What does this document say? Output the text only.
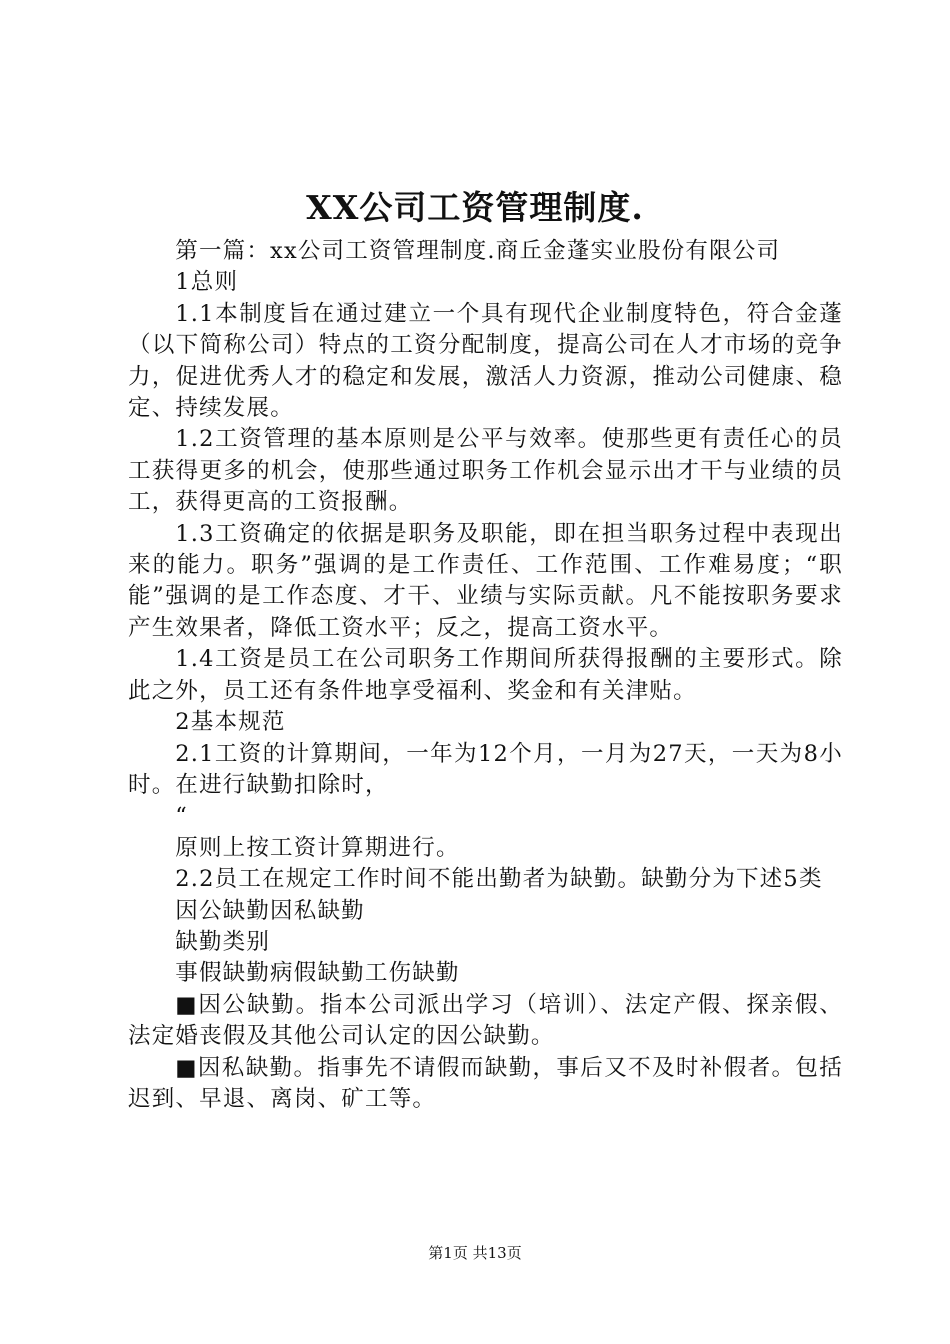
XX公司工资管理制度.

第一篇：xx公司工资管理制度.商丘金蓬实业股份有限公司

1总则

1.1本制度旨在通过建立一个具有现代企业制度特色，符合金蓬（以下简称公司）特点的工资分配制度，提高公司在人才市场的竞争力，促进优秀人才的稳定和发展，激活人力资源，推动公司健康、稳定、持续发展。

1.2工资管理的基本原则是公平与效率。使那些更有责任心的员工获得更多的机会，使那些通过职务工作机会显示出才干与业绩的员工，获得更高的工资报酬。

1.3工资确定的依据是职务及职能，即在担当职务过程中表现出来的能力。职务”强调的是工作责任、工作范围、工作难易度；“职能”强调的是工作态度、才干、业绩与实际贡献。凡不能按职务要求产生效果者，降低工资水平；反之，提高工资水平。

1.4工资是员工在公司职务工作期间所获得报酬的主要形式。除此之外，员工还有条件地享受福利、奖金和有关津贴。

2基本规范

2.1工资的计算期间，一年为12个月，一月为27天，一天为8小时。在进行缺勤扣除时，

“

原则上按工资计算期进行。

2.2员工在规定工作时间不能出勤者为缺勤。缺勤分为下述5类

因公缺勤因私缺勤

缺勤类别

事假缺勤病假缺勤工伤缺勤

■因公缺勤。指本公司派出学习（培训）、法定产假、探亲假、法定婚丧假及其他公司认定的因公缺勤。

■因私缺勤。指事先不请假而缺勤，事后又不及时补假者。包括迟到、早退、离岗、矿工等。

第1页 共13页
